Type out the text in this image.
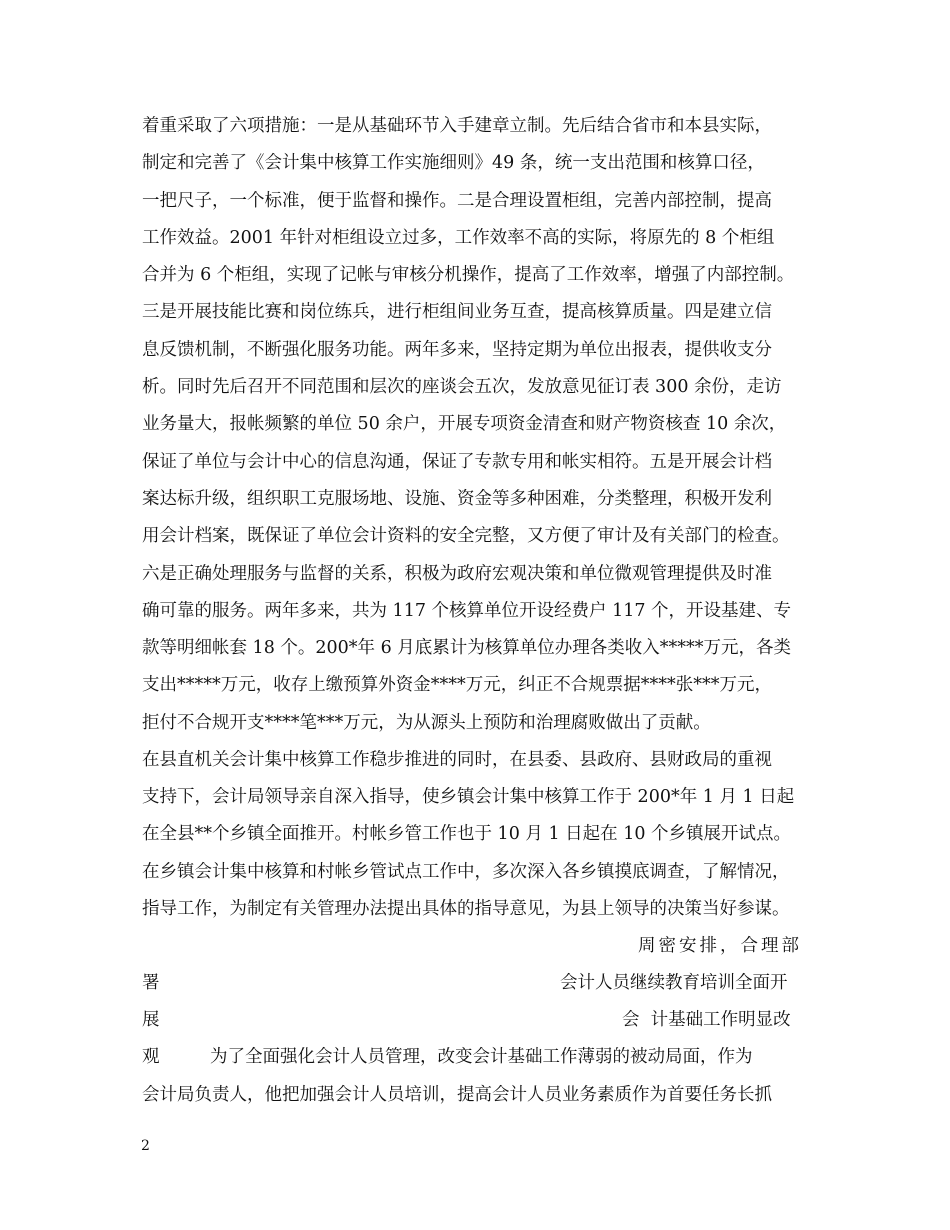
着重采取了六项措施：一是从基础环节入手建章立制。先后结合省市和本县实际，
制定和完善了《会计集中核算工作实施细则》49 条，统一支出范围和核算口径，
一把尺子，一个标准，便于监督和操作。二是合理设置柜组，完善内部控制，提高
工作效益。2001 年针对柜组设立过多，工作效率不高的实际，将原先的 8 个柜组
合并为 6 个柜组，实现了记帐与审核分机操作，提高了工作效率，增强了内部控制。
三是开展技能比赛和岗位练兵，进行柜组间业务互查，提高核算质量。四是建立信
息反馈机制，不断强化服务功能。两年多来，坚持定期为单位出报表，提供收支分
析。同时先后召开不同范围和层次的座谈会五次，发放意见征订表 300 余份，走访
业务量大，报帐频繁的单位 50 余户，开展专项资金清查和财产物资核查 10 余次，
保证了单位与会计中心的信息沟通，保证了专款专用和帐实相符。五是开展会计档
案达标升级，组织职工克服场地、设施、资金等多种困难，分类整理，积极开发利
用会计档案，既保证了单位会计资料的安全完整，又方便了审计及有关部门的检查。
六是正确处理服务与监督的关系，积极为政府宏观决策和单位微观管理提供及时准
确可靠的服务。两年多来，共为 117 个核算单位开设经费户 117 个，开设基建、专
款等明细帐套 18 个。200*年 6 月底累计为核算单位办理各类收入*****万元，各类
支出*****万元，收存上缴预算外资金****万元，纠正不合规票据****张***万元，
拒付不合规开支****笔***万元，为从源头上预防和治理腐败做出了贡献。
在县直机关会计集中核算工作稳步推进的同时，在县委、县政府、县财政局的重视
支持下，会计局领导亲自深入指导，使乡镇会计集中核算工作于 200*年 1 月 1 日起
在全县**个乡镇全面推开。村帐乡管工作也于 10 月 1 日起在 10 个乡镇展开试点。
在乡镇会计集中核算和村帐乡管试点工作中，多次深入各乡镇摸底调查，了解情况，
指导工作，为制定有关管理办法提出具体的指导意见，为县上领导的决策当好参谋。
周密安排，合理部
署	会计人员继续教育培训全面开
展	会  计基础工作明显改
观	为了全面强化会计人员管理，改变会计基础工作薄弱的被动局面，作为
会计局负责人，他把加强会计人员培训，提高会计人员业务素质作为首要任务长抓
2
